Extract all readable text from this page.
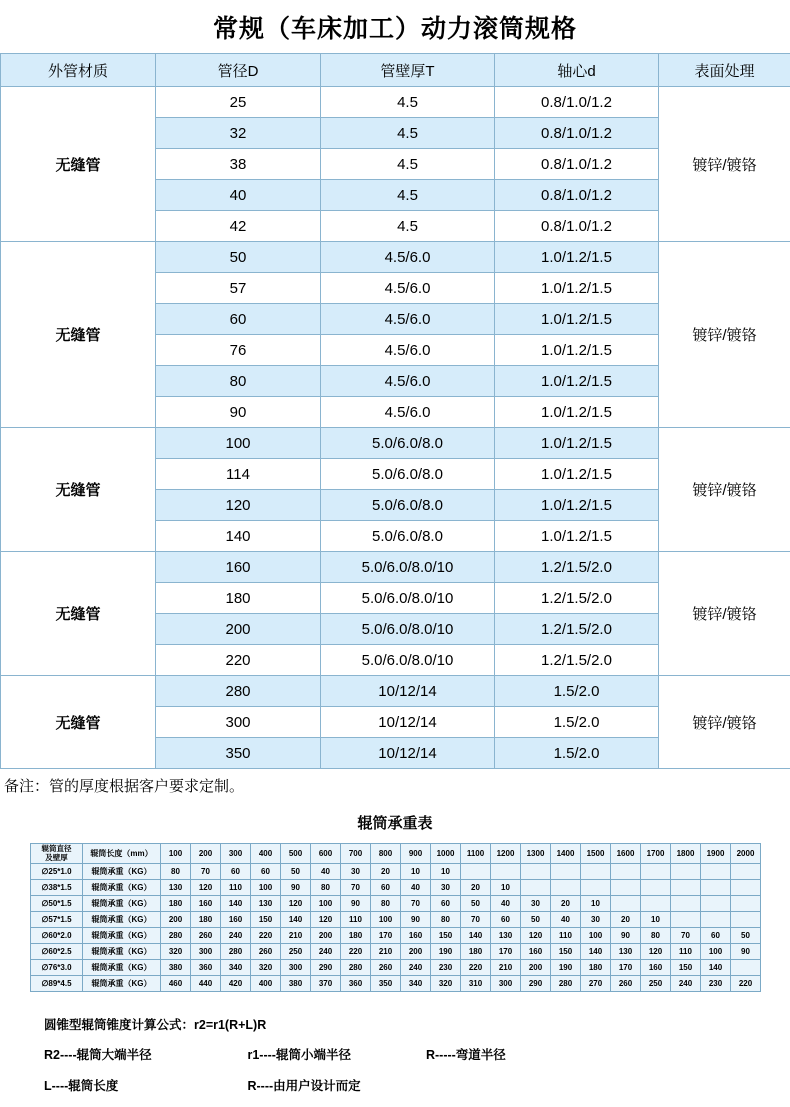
常规（车床加工）动力滚筒规格
外管材质	管径D	管壁厚T	轴心d	表面处理
无缝管	25	4.5	0.8/1.0/1.2	镀锌/镀铬
	32	4.5	0.8/1.0/1.2	
	38	4.5	0.8/1.0/1.2	
	40	4.5	0.8/1.0/1.2	
	42	4.5	0.8/1.0/1.2	
无缝管	50	4.5/6.0	1.0/1.2/1.5	镀锌/镀铬
	57	4.5/6.0	1.0/1.2/1.5	
	60	4.5/6.0	1.0/1.2/1.5	
	76	4.5/6.0	1.0/1.2/1.5	
	80	4.5/6.0	1.0/1.2/1.5	
	90	4.5/6.0	1.0/1.2/1.5	
无缝管	100	5.0/6.0/8.0	1.0/1.2/1.5	镀锌/镀铬
	114	5.0/6.0/8.0	1.0/1.2/1.5	
	120	5.0/6.0/8.0	1.0/1.2/1.5	
	140	5.0/6.0/8.0	1.0/1.2/1.5	
无缝管	160	5.0/6.0/8.0/10	1.2/1.5/2.0	镀锌/镀铬
	180	5.0/6.0/8.0/10	1.2/1.5/2.0	
	200	5.0/6.0/8.0/10	1.2/1.5/2.0	
	220	5.0/6.0/8.0/10	1.2/1.5/2.0	
无缝管	280	10/12/14	1.5/2.0	镀锌/镀铬
	300	10/12/14	1.5/2.0	
	350	10/12/14	1.5/2.0	
备注：管的厚度根据客户要求定制。
辊筒承重表
辊筒直径
及壁厚	辊筒长度（mm）	100	200	300	400	500	600	700	800	900	1000	1100	1200	1300	1400	1500	1600	1700	1800	1900	2000
∅25*1.0	辊筒承重（KG）	80	70	60	60	50	40	30	20	10	10										
∅38*1.5	辊筒承重（KG）	130	120	110	100	90	80	70	60	40	30	20	10								
∅50*1.5	辊筒承重（KG）	180	160	140	130	120	100	90	80	70	60	50	40	30	20	10					
∅57*1.5	辊筒承重（KG）	200	180	160	150	140	120	110	100	90	80	70	60	50	40	30	20	10			
∅60*2.0	辊筒承重（KG）	280	260	240	220	210	200	180	170	160	150	140	130	120	110	100	90	80	70	60	50
∅60*2.5	辊筒承重（KG）	320	300	280	260	250	240	220	210	200	190	180	170	160	150	140	130	120	110	100	90
∅76*3.0	辊筒承重（KG）	380	360	340	320	300	290	280	260	240	230	220	210	200	190	180	170	160	150	140	
∅89*4.5	辊筒承重（KG）	460	440	420	400	380	370	360	350	340	320	310	300	290	280	270	260	250	240	230	220
圆锥型辊筒锥度计算公式：r2=r1(R+L)R
R2----辊筒大端半径	r1----辊筒小端半径	R-----弯道半径
L----辊筒长度	R----由用户设计而定
